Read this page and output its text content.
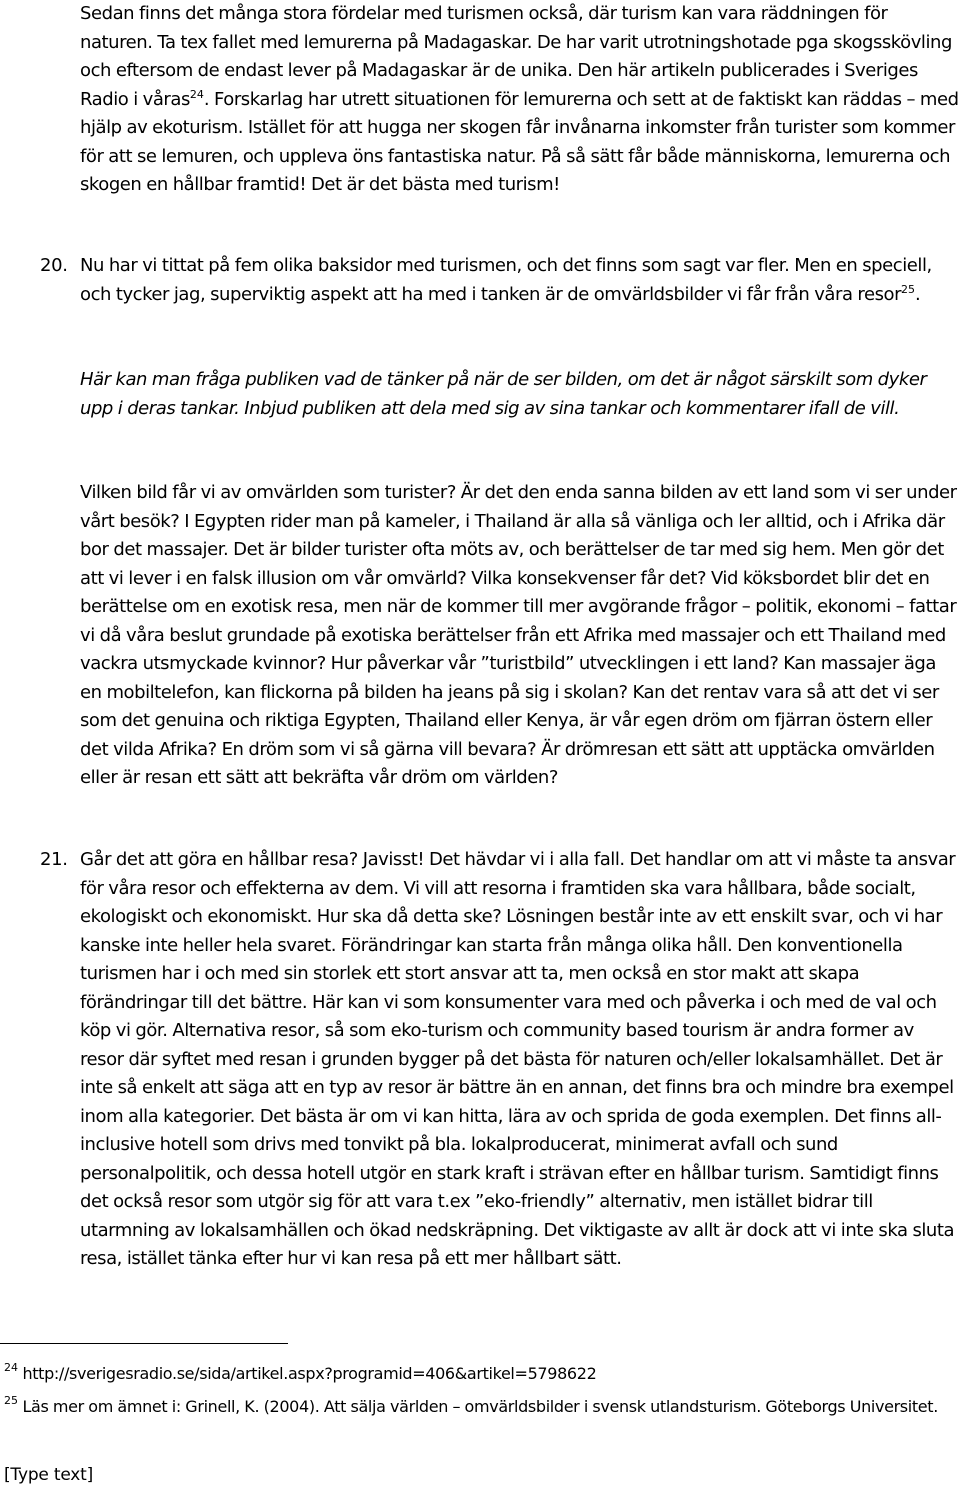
Sedan finns det många stora fördelar med turismen också, där turism kan vara räddningen för naturen. Ta tex fallet med lemurerna på Madagaskar. De har varit utrotningshotade pga skogsskövling och eftersom de endast lever på Madagaskar är de unika. Den här artikeln publicerades i Sveriges Radio i våras$^{24}$. Forskarlag har utrett situationen för lemurerna och sett at de faktiskt kan räddas – med hjälp av ekoturism. Istället för att hugga ner skogen får invånarna inkomster från turister som kommer för att se lemuren, och uppleva öns fantastiska natur. På så sätt får både människorna, lemurerna och skogen en hållbar framtid! Det är det bästa med turism!

20. Nu har vi tittat på fem olika baksidor med turismen, och det finns som sagt var fler. Men en speciell, och tycker jag, superviktig aspekt att ha med i tanken är de omvärldsbilder vi får från våra resor$^{25}$.

Här kan man fråga publiken vad de tänker på när de ser bilden, om det är något särskilt som dyker upp i deras tankar. Inbjud publiken att dela med sig av sina tankar och kommentarer ifall de vill.

Vilken bild får vi av omvärlden som turister? Är det den enda sanna bilden av ett land som vi ser under vårt besök? I Egypten rider man på kameler, i Thailand är alla så vänliga och ler alltid, och i Afrika där bor det massajer. Det är bilder turister ofta möts av, och berättelser de tar med sig hem. Men gör det att vi lever i en falsk illusion om vår omvärld? Vilka konsekvenser får det? Vid köksbordet blir det en berättelse om en exotisk resa, men när de kommer till mer avgörande frågor – politik, ekonomi – fattar vi då våra beslut grundade på exotiska berättelser från ett Afrika med massajer och ett Thailand med vackra utsmyckade kvinnor? Hur påverkar vår ”turistbild” utvecklingen i ett land? Kan massajer äga en mobiltelefon, kan flickorna på bilden ha jeans på sig i skolan? Kan det rentav vara så att det vi ser som det genuina och riktiga Egypten, Thailand eller Kenya, är vår egen dröm om fjärran östern eller det vilda Afrika? En dröm som vi så gärna vill bevara? Är drömresan ett sätt att upptäcka omvärlden eller är resan ett sätt att bekräfta vår dröm om världen?

21. Går det att göra en hållbar resa? Javisst! Det hävdar vi i alla fall. Det handlar om att vi måste ta ansvar för våra resor och effekterna av dem. Vi vill att resorna i framtiden ska vara hållbara, både socialt, ekologiskt och ekonomiskt. Hur ska då detta ske? Lösningen består inte av ett enskilt svar, och vi har kanske inte heller hela svaret. Förändringar kan starta från många olika håll. Den konventionella turismen har i och med sin storlek ett stort ansvar att ta, men också en stor makt att skapa förändringar till det bättre. Här kan vi som konsumenter vara med och påverka i och med de val och köp vi gör. Alternativa resor, så som eko-turism och community based tourism är andra former av resor där syftet med resan i grunden bygger på det bästa för naturen och/eller lokalsamhället. Det är inte så enkelt att säga att en typ av resor är bättre än en annan, det finns bra och mindre bra exempel inom alla kategorier. Det bästa är om vi kan hitta, lära av och sprida de goda exemplen. Det finns all-inclusive hotell som drivs med tonvikt på bla. lokalproducerat, minimerat avfall och sund personalpolitik, och dessa hotell utgör en stark kraft i strävan efter en hållbar turism. Samtidigt finns det också resor som utgör sig för att vara t.ex ”eko-friendly” alternativ, men istället bidrar till utarmning av lokalsamhällen och ökad nedskräpning. Det viktigaste av allt är dock att vi inte ska sluta resa, istället tänka efter hur vi kan resa på ett mer hållbart sätt.

$^{24}$ http://sverigesradio.se/sida/artikel.aspx?programid=406&artikel=5798622
$^{25}$ Läs mer om ämnet i: Grinell, K. (2004). Att sälja världen – omvärldsbilder i svensk utlandsturism. Göteborgs Universitet.
[Type text]
